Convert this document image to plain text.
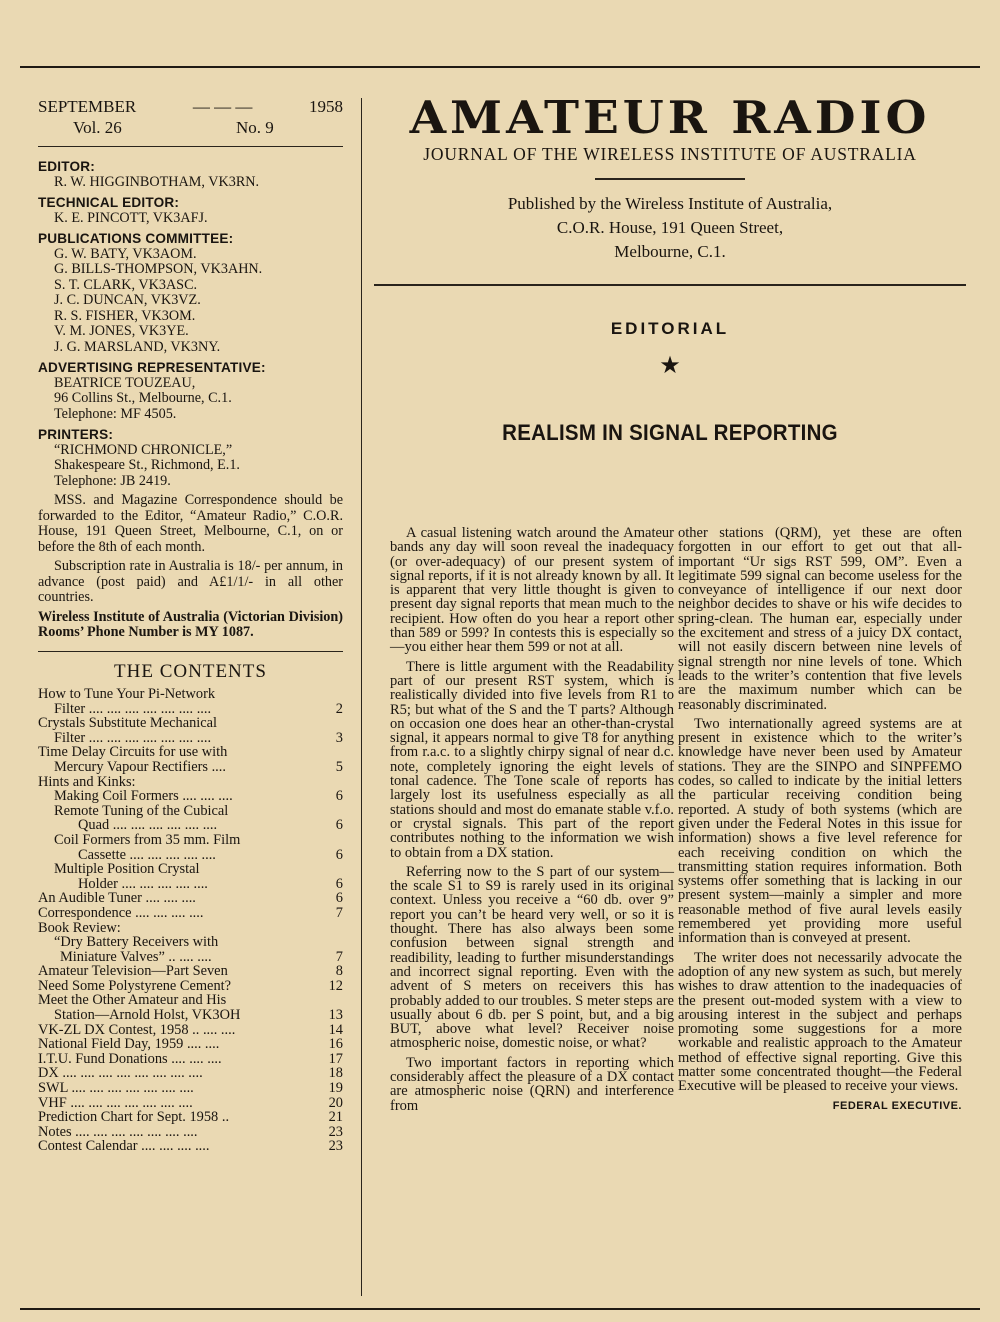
SEPTEMBER	— — —	1958
Vol. 26	No. 9
EDITOR:
R. W. HIGGINBOTHAM, VK3RN.
TECHNICAL EDITOR:
K. E. PINCOTT, VK3AFJ.
PUBLICATIONS COMMITTEE:
G. W. BATY, VK3AOM.
G. BILLS-THOMPSON, VK3AHN.
S. T. CLARK, VK3ASC.
J. C. DUNCAN, VK3VZ.
R. S. FISHER, VK3OM.
V. M. JONES, VK3YE.
J. G. MARSLAND, VK3NY.
ADVERTISING REPRESENTATIVE:
BEATRICE TOUZEAU,
96 Collins St., Melbourne, C.1.
Telephone: MF 4505.
PRINTERS:
“RICHMOND CHRONICLE,”
Shakespeare St., Richmond, E.1.
Telephone: JB 2419.
MSS. and Magazine Correspondence should be forwarded to the Editor, “Amateur Radio,” C.O.R. House, 191 Queen Street, Melbourne, C.1, on or before the 8th of each month.
Subscription rate in Australia is 18/- per annum, in advance (post paid) and A£1/1/- in all other countries.
Wireless Institute of Australia (Victorian Division) Rooms’ Phone Number is MY 1087.
THE CONTENTS
How to Tune Your Pi-Network
Filter .... .... .... .... .... .... ....	2
Crystals Substitute Mechanical
Filter .... .... .... .... .... .... ....	3
Time Delay Circuits for use with
Mercury Vapour Rectifiers ....	5
Hints and Kinks:
Making Coil Formers .... .... ....	6
Remote Tuning of the Cubical
Quad .... .... .... .... .... ....	6
Coil Formers from 35 mm. Film
Cassette .... .... .... .... ....	6
Multiple Position Crystal
Holder .... .... .... .... ....	6
An Audible Tuner .... .... ....	6
Correspondence .... .... .... ....	7
Book Review:
“Dry Battery Receivers with
Miniature Valves” .. .... ....	7
Amateur Television—Part Seven	8
Need Some Polystyrene Cement?	12
Meet the Other Amateur and His
Station—Arnold Holst, VK3OH	13
VK-ZL DX Contest, 1958 .. .... ....	14
National Field Day, 1959 .... ....	16
I.T.U. Fund Donations .... .... ....	17
DX .... .... .... .... .... .... .... ....	18
SWL .... .... .... .... .... .... ....	19
VHF .... .... .... .... .... .... ....	20
Prediction Chart for Sept. 1958 ..	21
Notes .... .... .... .... .... .... ....	23
Contest Calendar .... .... .... ....	23
AMATEUR RADIO
JOURNAL OF THE WIRELESS INSTITUTE OF AUSTRALIA
Published by the Wireless Institute of Australia,
C.O.R. House, 191 Queen Street,
Melbourne, C.1.
EDITORIAL
★
REALISM IN SIGNAL REPORTING

A casual listening watch around the Amateur bands any day will soon reveal the inadequacy (or over-adequacy) of our present system of signal reports, if it is not already known by all. It is apparent that very little thought is given to present day signal reports that mean much to the recipient. How often do you hear a report other than 589 or 599? In contests this is especially so—you either hear them 599 or not at all.

There is little argument with the Readability part of our present RST system, which is realistically divided into five levels from R1 to R5; but what of the S and the T parts? Although on occasion one does hear an other-than-crystal signal, it appears normal to give T8 for anything from r.a.c. to a slightly chirpy signal of near d.c. note, completely ignoring the eight levels of tonal cadence. The Tone scale of reports has largely lost its usefulness especially as all stations should and most do emanate stable v.f.o. or crystal signals. This part of the report contributes nothing to the information we wish to obtain from a DX station.

Referring now to the S part of our system—the scale S1 to S9 is rarely used in its original context. Unless you receive a “60 db. over 9” report you can’t be heard very well, or so it is thought. There has also always been some confusion between signal strength and readibility, leading to further misunderstandings and incorrect signal reporting. Even with the advent of S meters on receivers this has probably added to our troubles. S meter steps are usually about 6 db. per S point, but, and a big BUT, above what level? Receiver noise atmospheric noise, domestic noise, or what?

Two important factors in reporting which considerably affect the pleasure of a DX contact are atmospheric noise (QRN) and interference from

other stations (QRM), yet these are often forgotten in our effort to get out that all-important “Ur sigs RST 599, OM”. Even a legitimate 599 signal can become useless for the conveyance of intelligence if our next door neighbor decides to shave or his wife decides to spring-clean. The human ear, especially under the excitement and stress of a juicy DX contact, will not easily discern between nine levels of signal strength nor nine levels of tone. Which leads to the writer’s contention that five levels are the maximum number which can be reasonably discriminated.

Two internationally agreed systems are at present in existence which to the writer’s knowledge have never been used by Amateur stations. They are the SINPO and SINPFEMO codes, so called to indicate by the initial letters the particular receiving condition being reported. A study of both systems (which are given under the Federal Notes in this issue for information) shows a five level reference for each receiving condition on which the transmitting station requires information. Both systems offer something that is lacking in our present system—mainly a simpler and more reasonable method of five aural levels easily remembered yet providing more useful information than is conveyed at present.

The writer does not necessarily advocate the adoption of any new system as such, but merely wishes to draw attention to the inadequacies of the present out-moded system with a view to arousing interest in the subject and perhaps promoting some suggestions for a more workable and realistic approach to the Amateur method of effective signal reporting. Give this matter some concentrated thought—the Federal Executive will be pleased to receive your views.

FEDERAL EXECUTIVE.
